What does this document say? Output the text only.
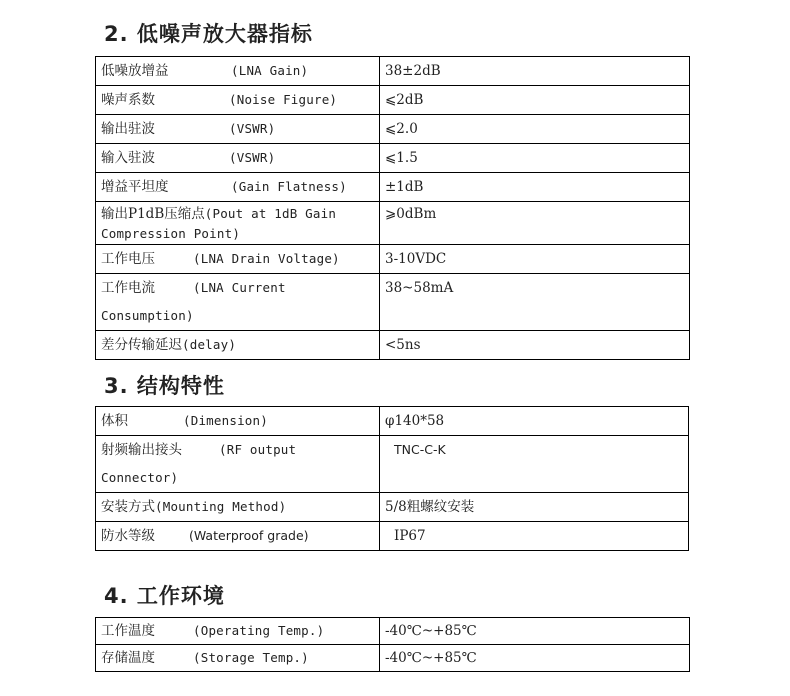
2. 低噪声放大器指标
低噪放增益 (LNA Gain)	38±2dB
噪声系数 (Noise Figure)	⩽2dB
输出驻波 (VSWR)	⩽2.0
输入驻波 (VSWR)	⩽1.5
增益平坦度 (Gain Flatness)	±1dB
输出P1dB压缩点(Pout at 1dB Gain Compression Point)	⩾0dBm
工作电压 (LNA Drain Voltage)	3-10VDC
工作电流 (LNA Current Consumption)	38~58mA
差分传输延迟(delay)	<5ns
3. 结构特性
体积 (Dimension)	φ140*58
射频输出接头 (RF output Connector)	TNC-C-K
安装方式(Mounting Method)	5/8粗螺纹安装
防水等级 (Waterproof grade)	IP67
4. 工作环境
工作温度 (Operating Temp.)	-40℃~+85℃
存储温度 (Storage Temp.)	-40℃~+85℃
